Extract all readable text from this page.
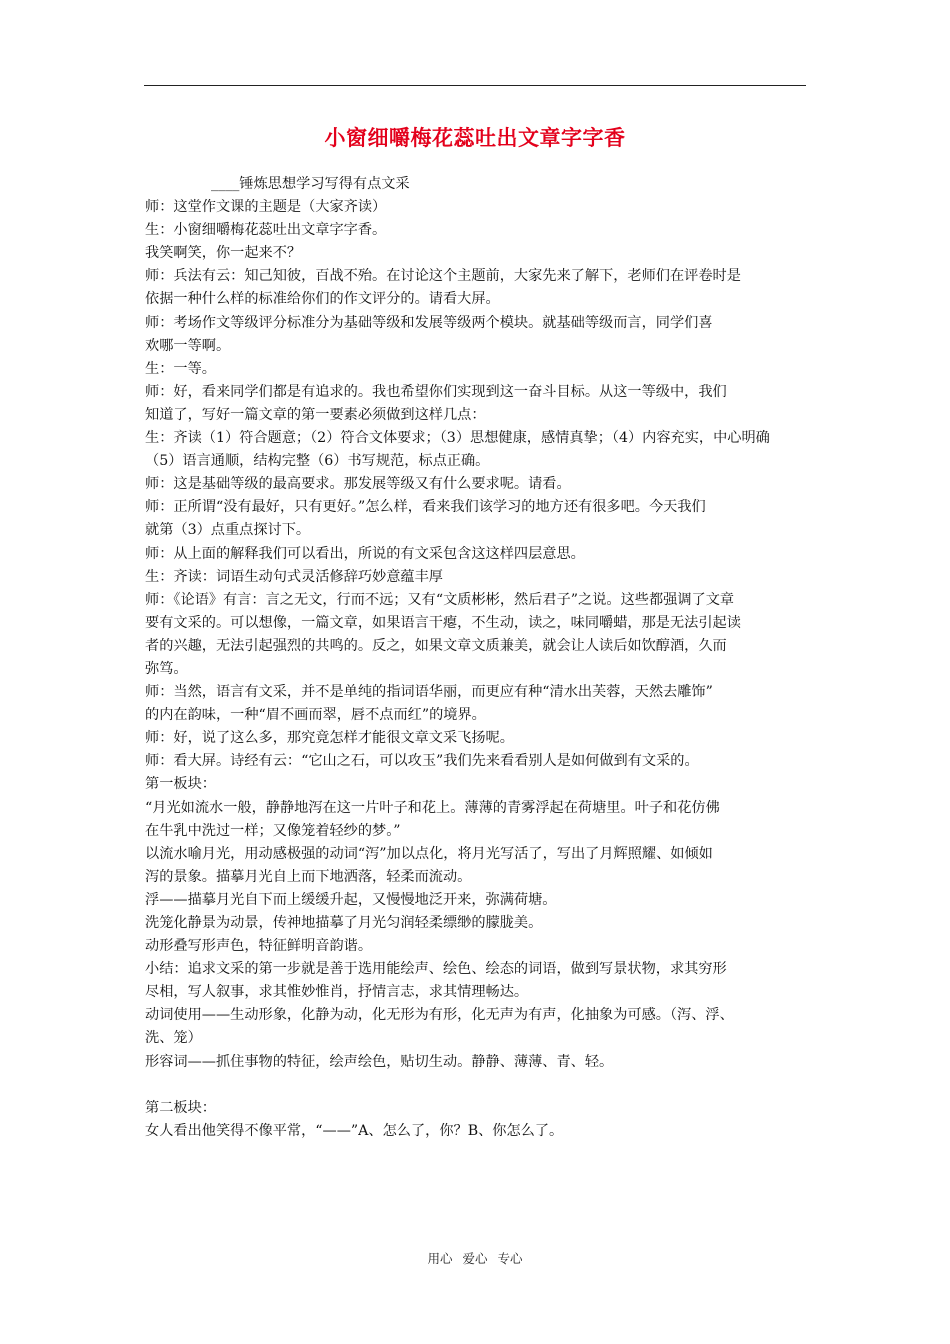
小窗细嚼梅花蕊吐出文章字字香
____锤炼思想学习写得有点文采
师：这堂作文课的主题是（大家齐读）
生：小窗细嚼梅花蕊吐出文章字字香。
我笑啊笑，你一起来不？
师：兵法有云：知己知彼，百战不殆。在讨论这个主题前，大家先来了解下，老师们在评卷时是
依据一种什么样的标准给你们的作文评分的。请看大屏。
师：考场作文等级评分标准分为基础等级和发展等级两个模块。就基础等级而言，同学们喜
欢哪一等啊。
生：一等。
师：好，看来同学们都是有追求的。我也希望你们实现到这一奋斗目标。从这一等级中，我们
知道了，写好一篇文章的第一要素必须做到这样几点：
生：齐读（1）符合题意；（2）符合文体要求；（3）思想健康，感情真挚；（4）内容充实，中心明确
（5）语言通顺，结构完整（6）书写规范，标点正确。
师：这是基础等级的最高要求。那发展等级又有什么要求呢。请看。
师：正所谓“没有最好，只有更好。”怎么样，看来我们该学习的地方还有很多吧。今天我们
就第（3）点重点探讨下。
师：从上面的解释我们可以看出，所说的有文采包含这这样四层意思。
生：齐读：词语生动句式灵活修辞巧妙意蕴丰厚
师：《论语》有言：言之无文，行而不远；又有“文质彬彬，然后君子”之说。这些都强调了文章
要有文采的。可以想像，一篇文章，如果语言干瘪，不生动，读之，味同嚼蜡，那是无法引起读
者的兴趣，无法引起强烈的共鸣的。反之，如果文章文质兼美，就会让人读后如饮醇酒，久而
弥笃。
师：当然，语言有文采，并不是单纯的指词语华丽，而更应有种“清水出芙蓉，天然去雕饰”
的内在韵味，一种“眉不画而翠，唇不点而红”的境界。
师：好，说了这么多，那究竟怎样才能很文章文采飞扬呢。
师：看大屏。诗经有云：“它山之石，可以攻玉”我们先来看看别人是如何做到有文采的。
第一板块：
“月光如流水一般，静静地泻在这一片叶子和花上。薄薄的青雾浮起在荷塘里。叶子和花仿佛
在牛乳中洗过一样；又像笼着轻纱的梦。”
以流水喻月光，用动感极强的动词“泻”加以点化，将月光写活了，写出了月辉照耀、如倾如
泻的景象。描摹月光自上而下地洒落，轻柔而流动。
浮——描摹月光自下而上缓缓升起，又慢慢地泛开来，弥满荷塘。
洗笼化静景为动景，传神地描摹了月光匀润轻柔缥缈的朦胧美。
动形叠写形声色，特征鲜明音韵谐。
小结：追求文采的第一步就是善于选用能绘声、绘色、绘态的词语，做到写景状物，求其穷形
尽相，写人叙事，求其惟妙惟肖，抒情言志，求其情理畅达。
动词使用——生动形象，化静为动，化无形为有形，化无声为有声，化抽象为可感。（泻、浮、
洗、笼）
形容词——抓住事物的特征，绘声绘色，贴切生动。静静、薄薄、青、轻。
第二板块：
女人看出他笑得不像平常，“——”A、怎么了，你？B、你怎么了。
用心 爱心 专心
